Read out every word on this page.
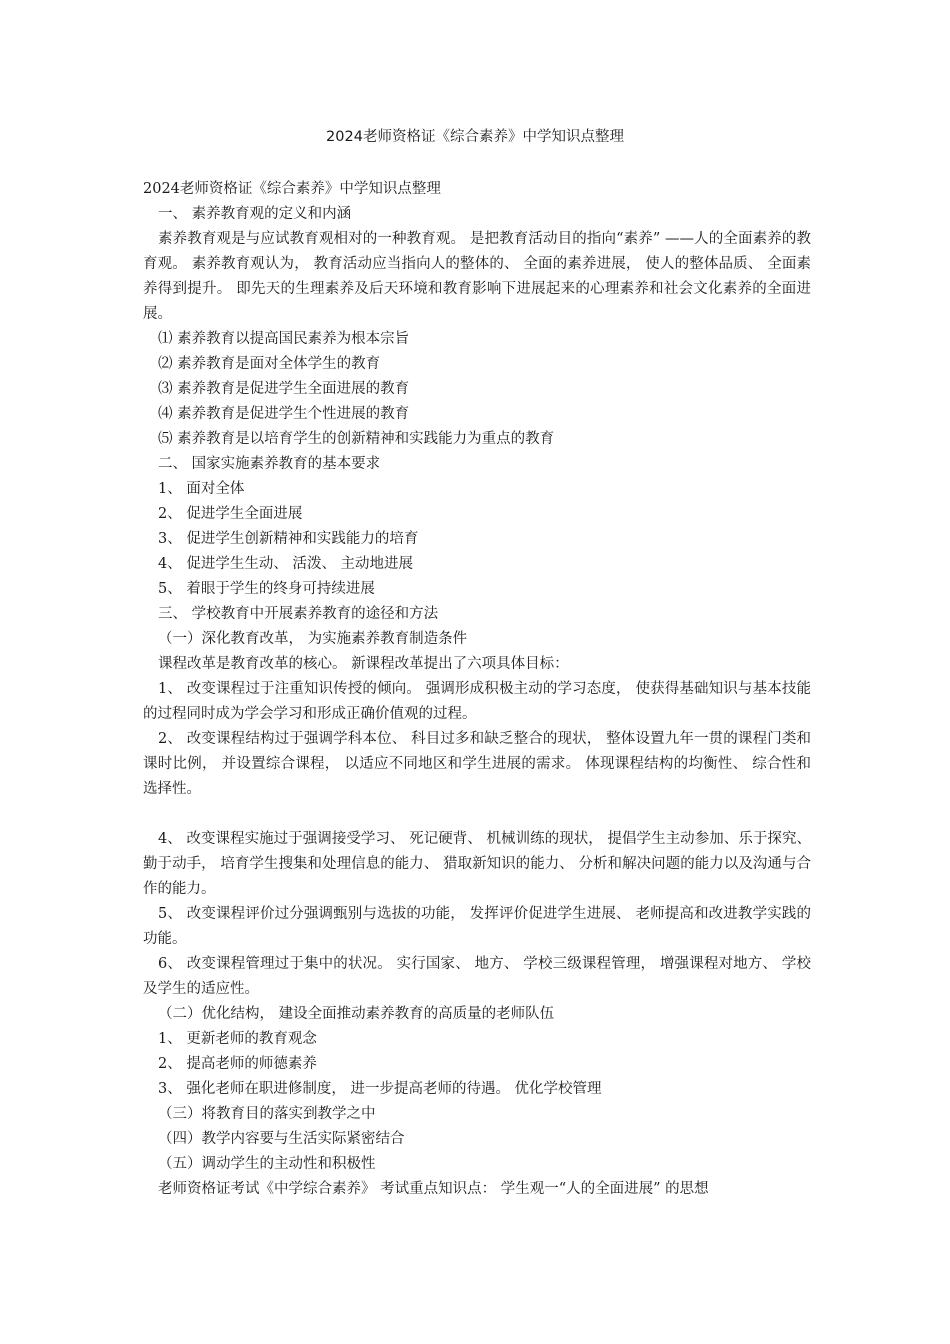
2024老师资格证《综合素养》中学知识点整理

2024老师资格证《综合素养》中学知识点整理

一、 素养教育观的定义和内涵

素养教育观是与应试教育观相对的一种教育观。 是把教育活动目的指向“素养” ——人的全面素养的教育观。 素养教育观认为， 教育活动应当指向人的整体的、 全面的素养进展， 使人的整体品质、 全面素养得到提升。 即先天的生理素养及后天环境和教育影响下进展起来的心理素养和社会文化素养的全面进展。

⑴ 素养教育以提高国民素养为根本宗旨

⑵ 素养教育是面对全体学生的教育

⑶ 素养教育是促进学生全面进展的教育

⑷ 素养教育是促进学生个性进展的教育

⑸ 素养教育是以培育学生的创新精神和实践能力为重点的教育

二、 国家实施素养教育的基本要求

1、 面对全体

2、 促进学生全面进展

3、 促进学生创新精神和实践能力的培育

4、 促进学生生动、 活泼、 主动地进展

5、 着眼于学生的终身可持续进展

三、 学校教育中开展素养教育的途径和方法

（一）深化教育改革， 为实施素养教育制造条件

课程改革是教育改革的核心。 新课程改革提出了六项具体目标：

1、 改变课程过于注重知识传授的倾向。 强调形成积极主动的学习态度， 使获得基础知识与基本技能的过程同时成为学会学习和形成正确价值观的过程。

2、 改变课程结构过于强调学科本位、 科目过多和缺乏整合的现状， 整体设置九年一贯的课程门类和课时比例， 并设置综合课程， 以适应不同地区和学生进展的需求。 体现课程结构的均衡性、 综合性和选择性。

4、 改变课程实施过于强调接受学习、 死记硬背、 机械训练的现状， 提倡学生主动参加、乐于探究、 勤于动手， 培育学生搜集和处理信息的能力、 猎取新知识的能力、 分析和解决问题的能力以及沟通与合作的能力。

5、 改变课程评价过分强调甄别与选拔的功能， 发挥评价促进学生进展、 老师提高和改进教学实践的功能。

6、 改变课程管理过于集中的状况。 实行国家、 地方、 学校三级课程管理， 增强课程对地方、 学校及学生的适应性。

（二）优化结构， 建设全面推动素养教育的高质量的老师队伍

1、 更新老师的教育观念

2、 提高老师的师德素养

3、 强化老师在职进修制度， 进一步提高老师的待遇。 优化学校管理

（三）将教育目的落实到教学之中

（四）教学内容要与生活实际紧密结合

（五）调动学生的主动性和积极性

老师资格证考试《中学综合素养》 考试重点知识点： 学生观一“人的全面进展” 的思想
